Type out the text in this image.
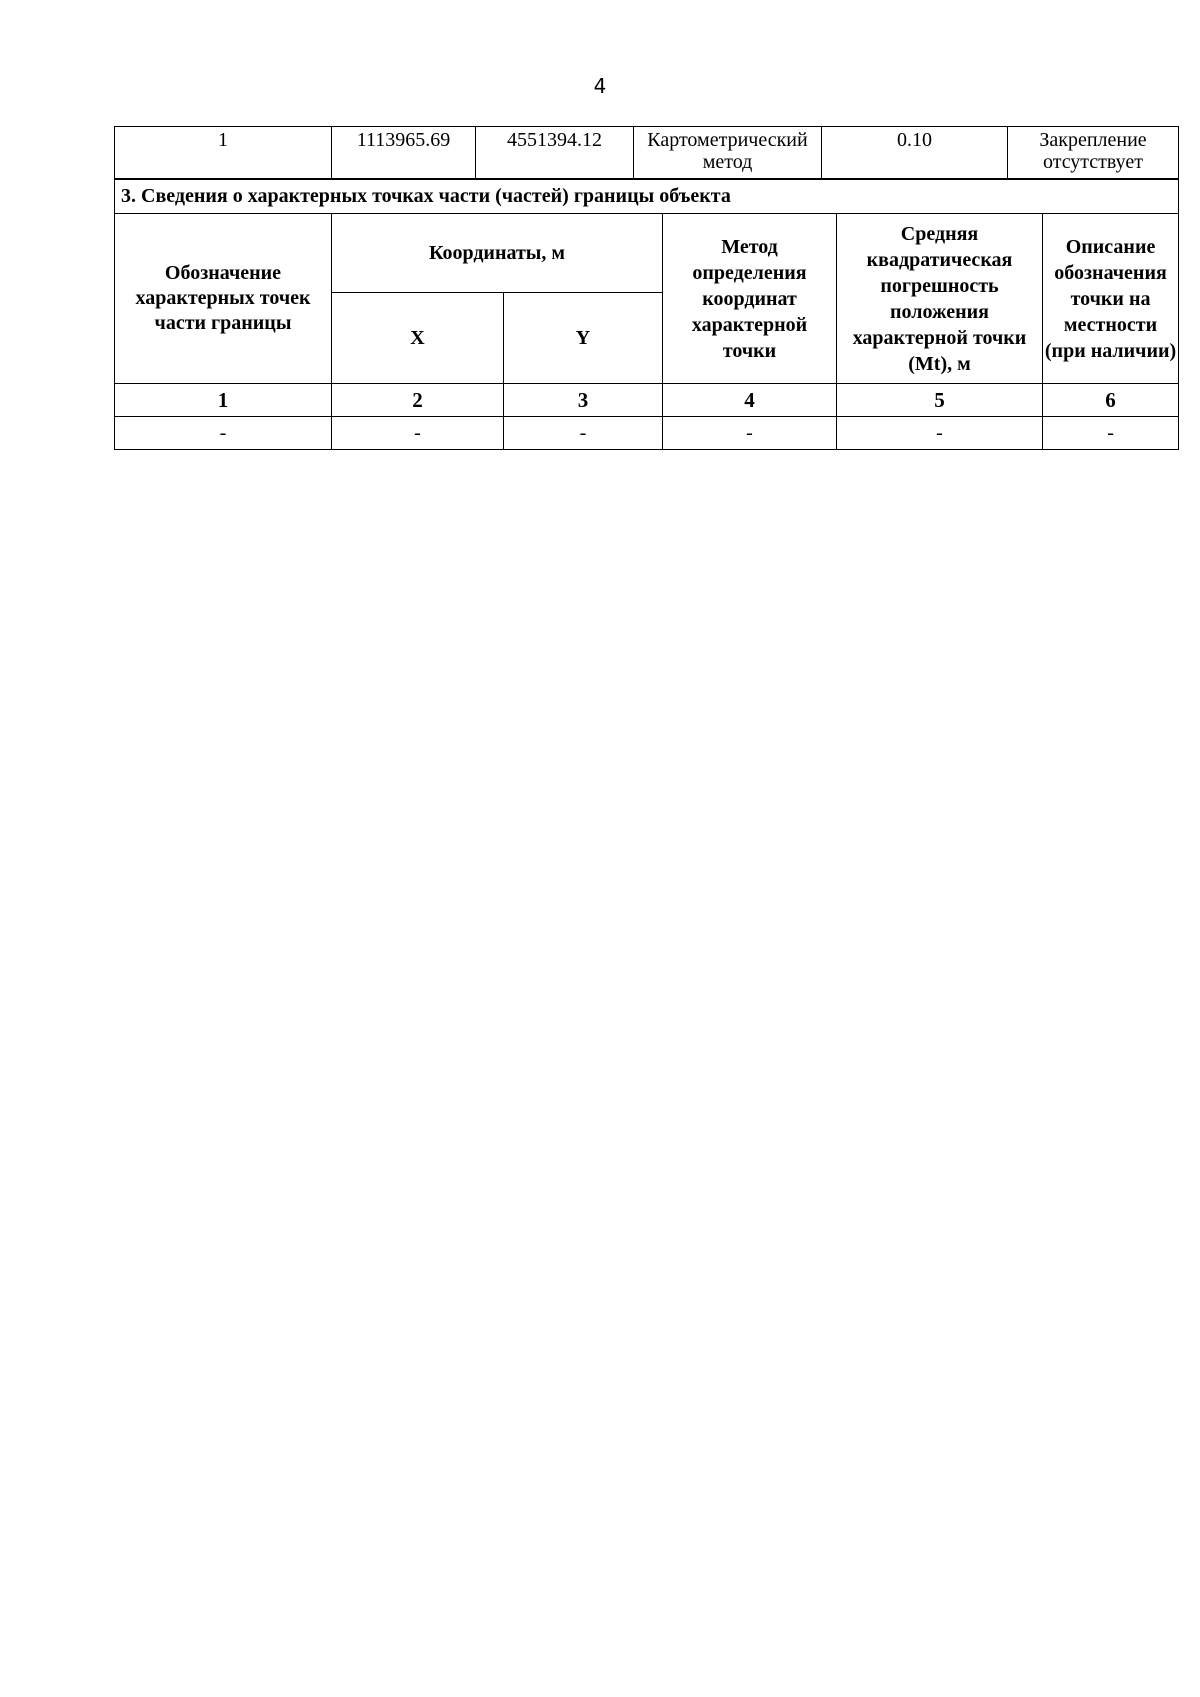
4
1	1113965.69	4551394.12	Картометрический метод	0.10	Закрепление отсутствует
3. Сведения о характерных точках части (частей) границы объекта					
Обозначение характерных точек части границы	Координаты, м		Метод определения координат характерной точки	Средняя квадратическая погрешность положения характерной точки (Mt), м	Описание обозначения точки на местности (при наличии)
	X	Y			
1	2	3	4	5	6
-	-	-	-	-	-
